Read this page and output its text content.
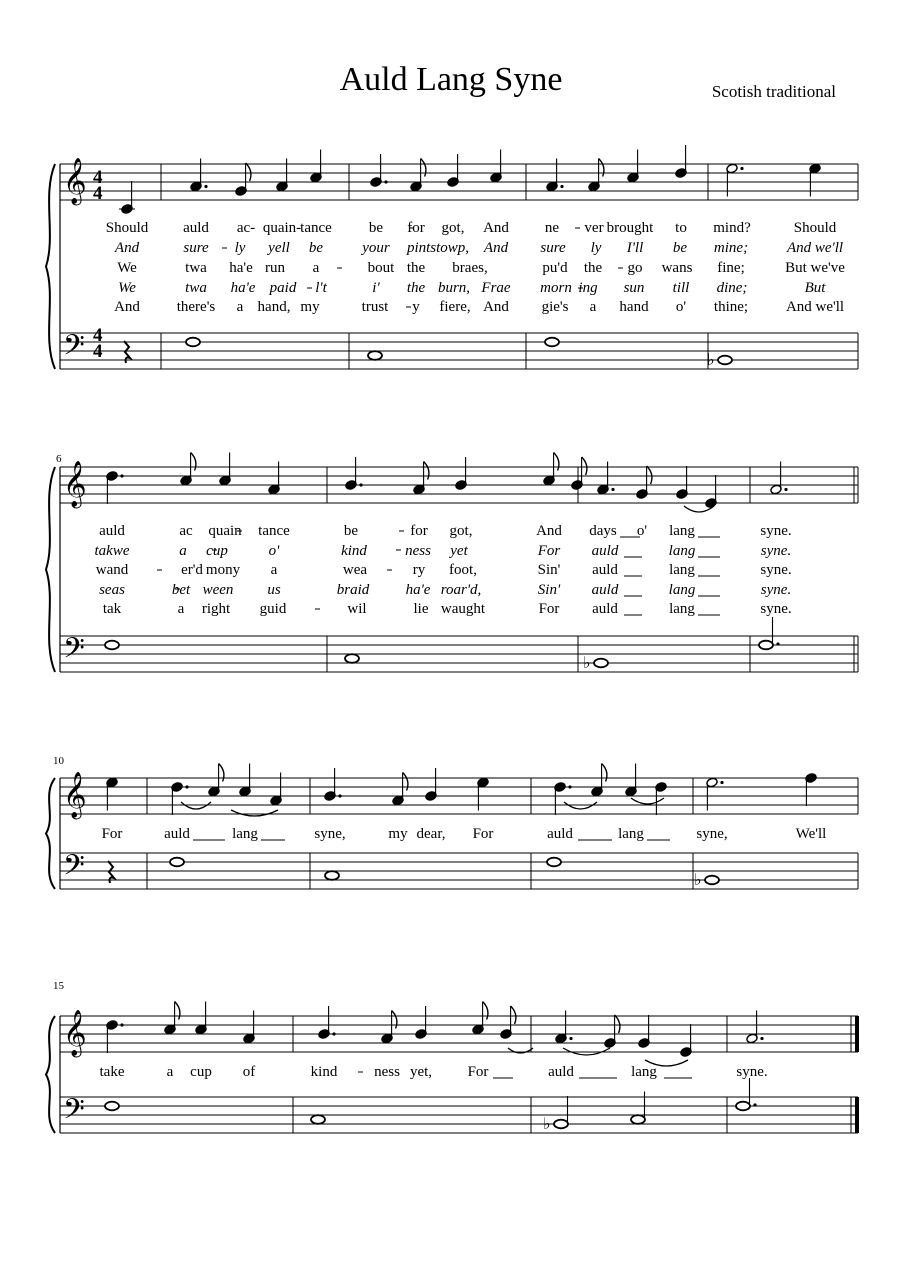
Auld Lang Syne	Scotish traditional
𝄞
𝄢
𝄞
𝄢
𝄞
𝄢
𝄞
𝄢
♭
♭
♭
♭
4
4
4
4
6
10
15
Should auld ac- quain- tance be for got, And ne ver brought to mind?	Should
And	sure ly yell be	your pintstowp, And sure ly I'll be mine;	And we'll
We	twa ha'e run a	bout the braes,	pu'd the go wans fine;	But we've
We	twa ha'e paid l't	i' the burn, Frae morn ing sun till dine;	But
And there's a hand, my	trust y fiere, And gie's a hand o' thine;	And we'll
auld	ac quain tance	be	for got,	And days o' lang	syne.
takwe	a cup	o'	kind	ness yet	For auld	lang	syne.
wand	er'd mony a	wea	ry foot,	Sin' auld	lang	syne.
seas	bet ween us	braid ha'e roar'd,	Sin' auld	lang	syne.
tak	a right guid	wil	lie waught	For auld	lang	syne.
For	auld	lang	syne,	my dear, For	auld	lang	syne,	We'll
take	a cup of	kind ness yet, For	auld	lang	syne.
